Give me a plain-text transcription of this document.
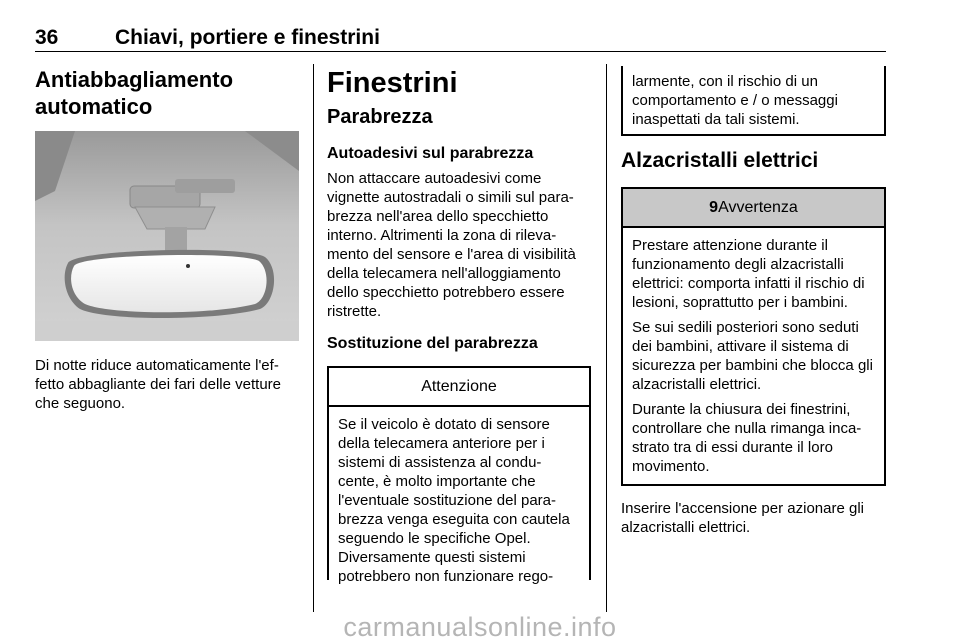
36	Chiavi, portiere e finestrini
Antiabbagliamento
automatico

Di notte riduce automaticamente l'ef-fetto abbagliante dei fari delle vetture che seguono.

Finestrini
Parabrezza
Autoadesivi sul parabrezza

Non attaccare autoadesivi come vignette autostradali o simili sul para-brezza nell'area dello specchietto interno. Altrimenti la zona di rileva-mento del sensore e l'area di visibilità della telecamera nell'alloggiamento dello specchietto potrebbero essere ristrette.

Sostituzione del parabrezza
Attenzione

Se il veicolo è dotato di sensore della telecamera anteriore per i sistemi di assistenza al condu-cente, è molto importante che l'eventuale sostituzione del para-brezza venga eseguita con cautela seguendo le specifiche Opel. Diversamente questi sistemi potrebbero non funzionare rego-

larmente, con il rischio di un comportamento e / o messaggi inaspettati da tali sistemi.

Alzacristalli elettrici
9Avvertenza

Prestare attenzione durante il funzionamento degli alzacristalli elettrici: comporta infatti il rischio di lesioni, soprattutto per i bambini.

Se sui sedili posteriori sono seduti dei bambini, attivare il sistema di sicurezza per bambini che blocca gli alzacristalli elettrici.

Durante la chiusura dei finestrini, controllare che nulla rimanga inca-strato tra di essi durante il loro movimento.

Inserire l'accensione per azionare gli alzacristalli elettrici.

carmanualsonline.info
